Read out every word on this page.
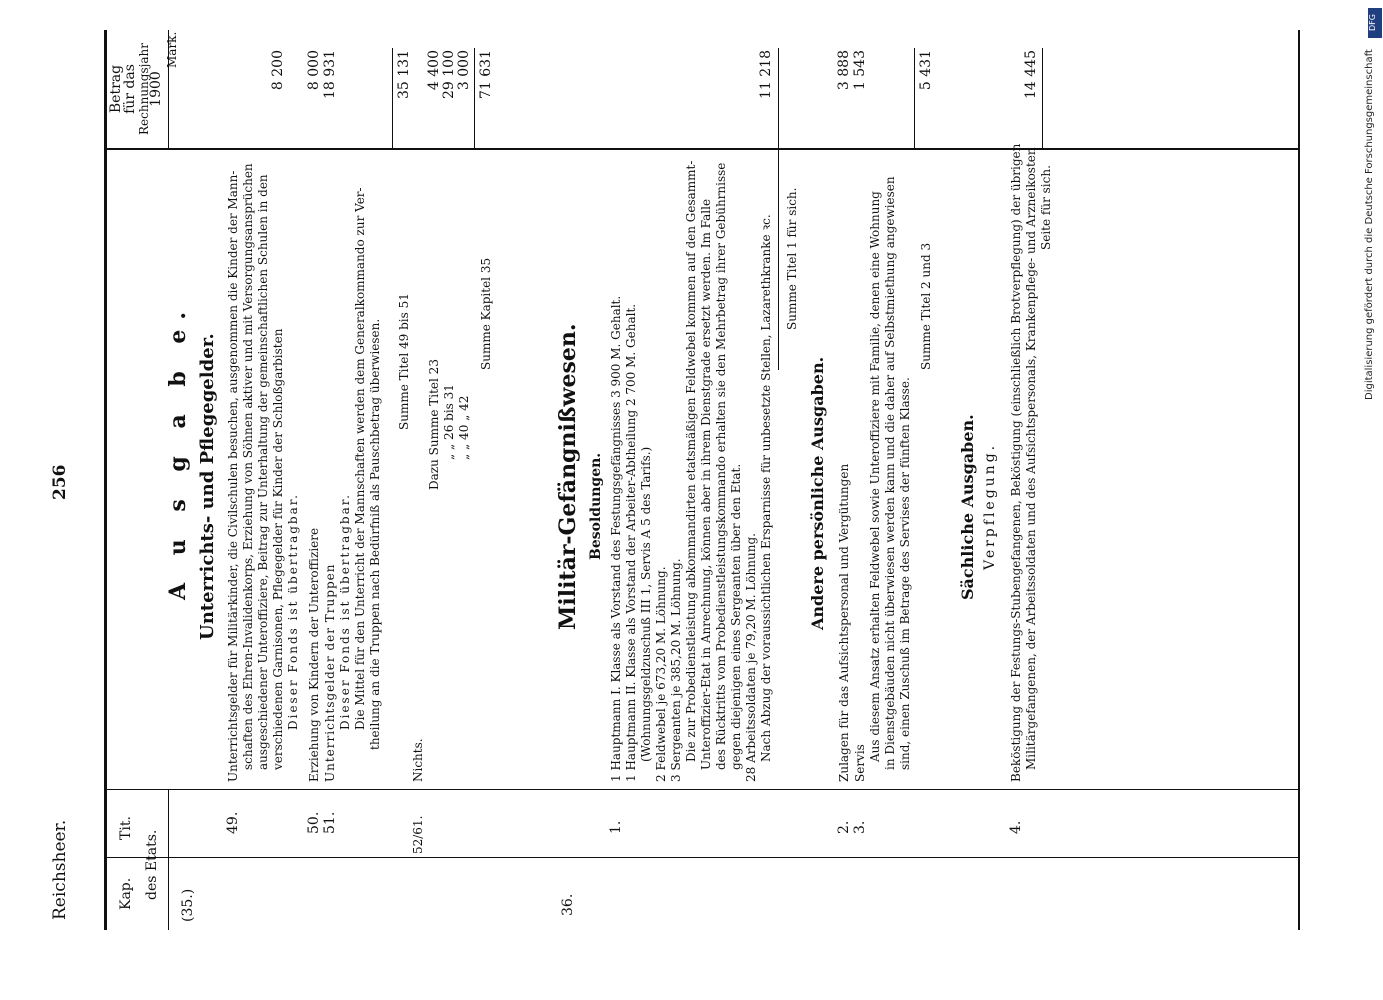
DFG
Digitalisierung gefördert durch die Deutsche Forschungsgemeinschaft
Reichsheer.
256
Kap.
Tit.
des Etats.
Betrag
für das Rechnungsjahr
1900
Mark.
A u s g a b e.
(35.)
Unterrichts- und Pflegegelder.
49.
Unterrichtsgelder für Militärkinder, die Civilschulen besuchen, ausgenommen die Kinder der Mann- schaften des Ehren-Invalidenkorps, Erziehung von Söhnen aktiver und mit Versorgungsansprüchen ausgeschiedener Unteroffiziere, Beitrag zur Unterhaltung der gemeinschaftlichen Schulen in den verschiedenen Garnisonen, Pflegegelder für Kinder der Schloßgarbisten Dieser Fonds ist übertragbar.
8 200
50.
Erziehung von Kindern der Unteroffiziere
8 000
51.
Unterrichtsgelder der Truppen Dieser Fonds ist übertragbar. Die Mittel für den Unterricht der Mannschaften werden dem Generalkommando zur Ver- theilung an die Truppen nach Bedürfniß als Pauschbetrag überwiesen.
18 931
Summe Titel 49 bis 51
35 131
52/61.
Nichts.
Dazu Summe Titel 23
4 400
„ „ 26 bis 31
29 100
„ „ 40 „ 42
3 000
Summe Kapitel 35
71 631
36.
Militär-Gefängnißwesen. Besoldungen.
1.
1 Hauptmann I. Klasse als Vorstand des Festungsgefängnisses 3 900 M. Gehalt. 1 Hauptmann II. Klasse als Vorstand der Arbeiter-Abtheilung 2 700 M. Gehalt. (Wohnungsgeldzuschuß III 1, Servis A 5 des Tarifs.) 2 Feldwebel je 673,20 M. Löhnung. 3 Sergeanten je 385,20 M. Löhnung. Die zur Probedienstleistung abkommandirten etatsmäßigen Feldwebel kommen auf den Gesammt- Unteroffizier-Etat in Anrechnung, können aber in ihrem Dienstgrade ersetzt werden. Im Falle des Rücktritts vom Probedienstleistungskommando erhalten sie den Mehrbetrag ihrer Gebührnisse gegen diejenigen eines Sergeanten über den Etat. 28 Arbeitssoldaten je 79,20 M. Löhnung. Nach Abzug der voraussichtlichen Ersparnisse für unbesetzte Stellen, Lazarethkranke ꝛc.
11 218
Summe Titel 1 für sich.
Andere persönliche Ausgaben.
2.
Zulagen für das Aufsichtspersonal und Vergütungen
3 888
3.
Servis
Aus diesem Ansatz erhalten Feldwebel sowie Unteroffiziere mit Familie, denen eine Wohnung in Dienstgebäuden nicht überwiesen werden kann und die daher auf Selbstmiethung angewiesen sind, einen Zuschuß im Betrage des Servises der fünften Klasse.
1 543
Summe Titel 2 und 3
5 431
Sächliche Ausgaben. Verpflegung.
4.
Beköstigung der Festungs-Stubengefangenen, Beköstigung (einschließlich Brotverpflegung) der übrigen Militärgefangenen, der Arbeitssoldaten und des Aufsichtspersonals, Krankenpflege- und Arzneikosten Seite für sich.
14 445
